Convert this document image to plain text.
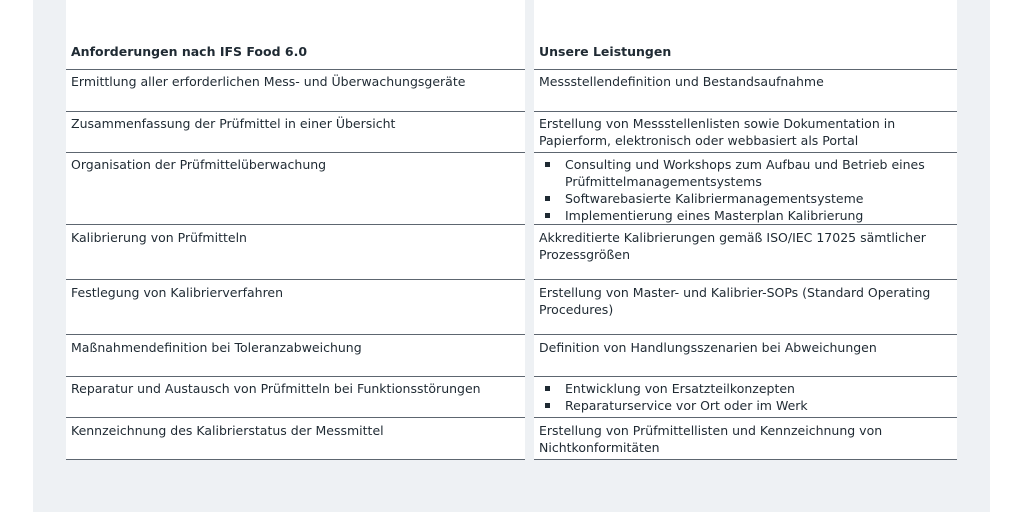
Anforderungen nach IFS Food 6.0	Unsere Leistungen
Ermittlung aller erforderlichen Mess- und Überwachungsgeräte	Messstellendefinition und Bestandsaufnahme
Zusammenfassung der Prüfmittel in einer Übersicht	Erstellung von Messstellenlisten sowie Dokumentation in Papierform, elektronisch oder webbasiert als Portal
Organisation der Prüfmittelüberwachung	Consulting und Workshops zum Aufbau und Betrieb eines Prüfmittelmanagementsystems
Softwarebasierte Kalibriermanagementsysteme
Implementierung eines Masterplan Kalibrierung
Kalibrierung von Prüfmitteln	Akkreditierte Kalibrierungen gemäß ISO/IEC 17025 sämtlicher Prozessgrößen
Festlegung von Kalibrierverfahren	Erstellung von Master- und Kalibrier-SOPs (Standard Operating Procedures)
Maßnahmendefinition bei Toleranzabweichung	Definition von Handlungsszenarien bei Abweichungen
Reparatur und Austausch von Prüfmitteln bei Funktionsstörungen	Entwicklung von Ersatzteilkonzepten
Reparaturservice vor Ort oder im Werk
Kennzeichnung des Kalibrierstatus der Messmittel	Erstellung von Prüfmittellisten und Kennzeichnung von Nichtkonformitäten
